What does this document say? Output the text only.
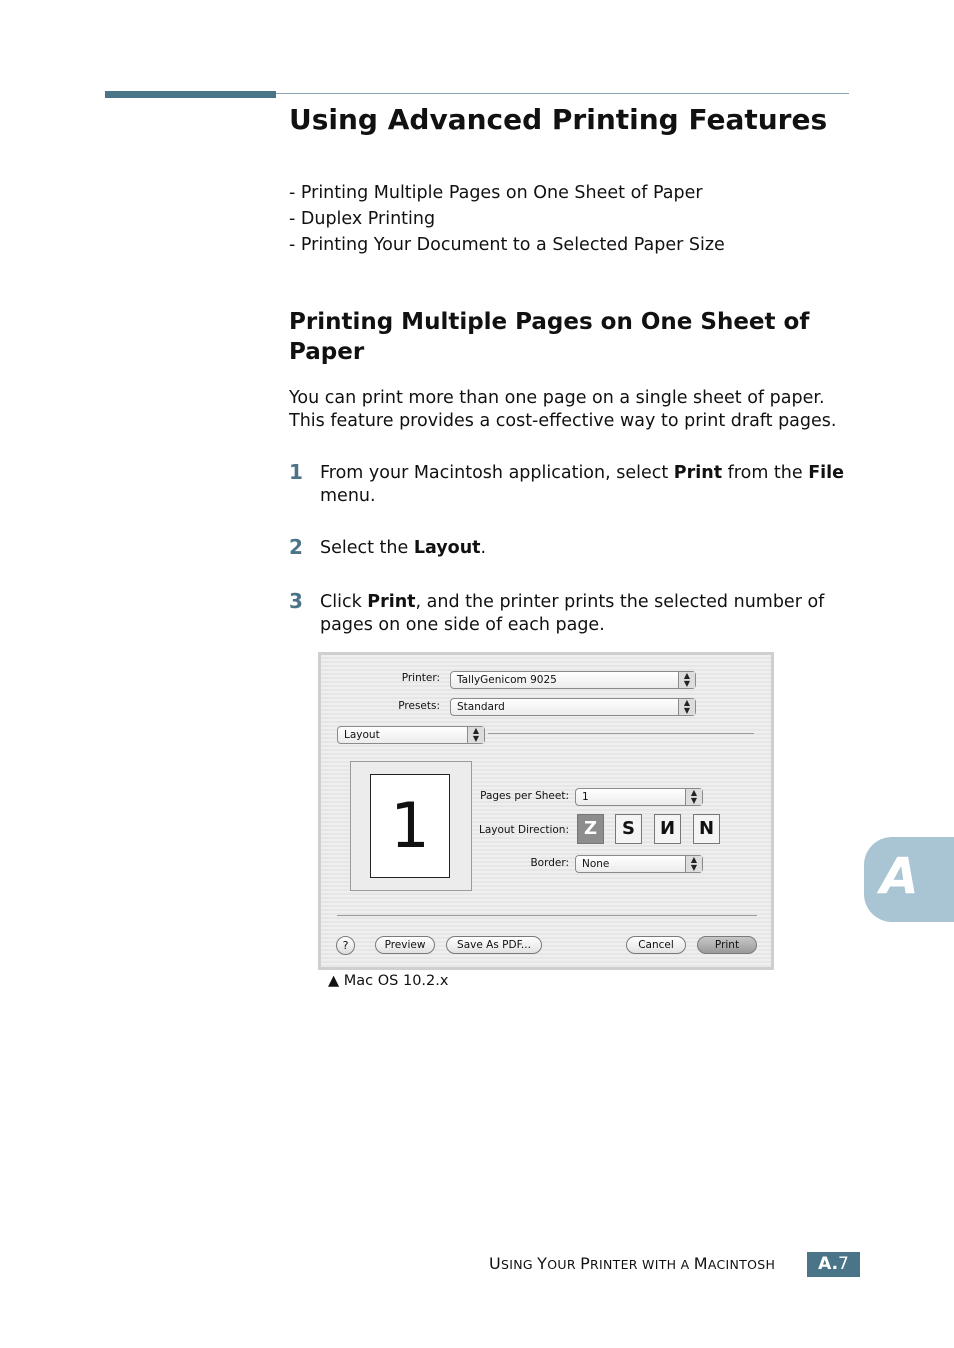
Using Advanced Printing Features
- Printing Multiple Pages on One Sheet of Paper
- Duplex Printing
- Printing Your Document to a Selected Paper Size
Printing Multiple Pages on One Sheet of Paper
You can print more than one page on a single sheet of paper.
This feature provides a cost-effective way to print draft pages.
1 From your Macintosh application, select Print from the File menu.
2 Select the Layout.
3 Click Print, and the printer prints the selected number of pages on one side of each page.
Printer:	TallyGenicom 9025	▲
▼
Presets:	Standard	▲
▼
Layout	▲
▼
1	Pages per Sheet:	1	▲
▼
Layout Direction: Z	S	И	N
Border:	None	▲
▼
?	Preview	Save As PDF...	Cancel	Print
▲ Mac OS 10.2.x
A
USING YOUR PRINTER WITH A MACINTOSH	A.7
